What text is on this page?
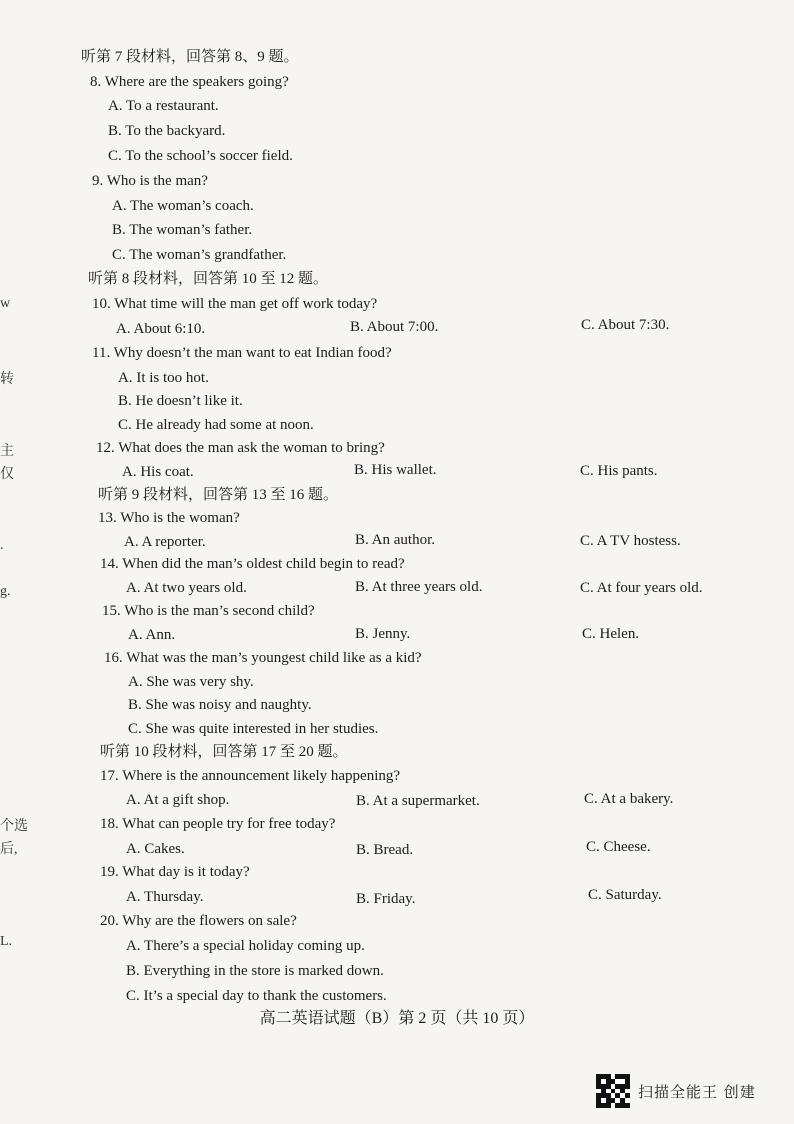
w
转
主
仅
.
g.
个选
后,
L.
听第 7 段材料，回答第 8、9 题。
8. Where are the speakers going?
A. To a restaurant.
B. To the backyard.
C. To the school’s soccer field.
9. Who is the man?
A. The woman’s coach.
B. The woman’s father.
C. The woman’s grandfather.
听第 8 段材料，回答第 10 至 12 题。
10. What time will the man get off work today?
A. About 6:10.	B. About 7:00.	C. About 7:30.
11. Why doesn’t the man want to eat Indian food?
A. It is too hot.
B. He doesn’t like it.
C. He already had some at noon.
12. What does the man ask the woman to bring?
A. His coat.	B. His wallet.	C. His pants.
听第 9 段材料，回答第 13 至 16 题。
13. Who is the woman?
A. A reporter.	B. An author.	C. A TV hostess.
14. When did the man’s oldest child begin to read?
A. At two years old.	B. At three years old.	C. At four years old.
15. Who is the man’s second child?
A. Ann.	B. Jenny.	C. Helen.
16. What was the man’s youngest child like as a kid?
A. She was very shy.
B. She was noisy and naughty.
C. She was quite interested in her studies.
听第 10 段材料，回答第 17 至 20 题。
17. Where is the announcement likely happening?
A. At a gift shop.	B. At a supermarket.	C. At a bakery.
18. What can people try for free today?
A. Cakes.	B. Bread.	C. Cheese.
19. What day is it today?
A. Thursday.	B. Friday.	C. Saturday.
20. Why are the flowers on sale?
A. There’s a special holiday coming up.
B. Everything in the store is marked down.
C. It’s a special day to thank the customers.
高二英语试题（B）第 2 页（共 10 页）
扫描全能王 创建
